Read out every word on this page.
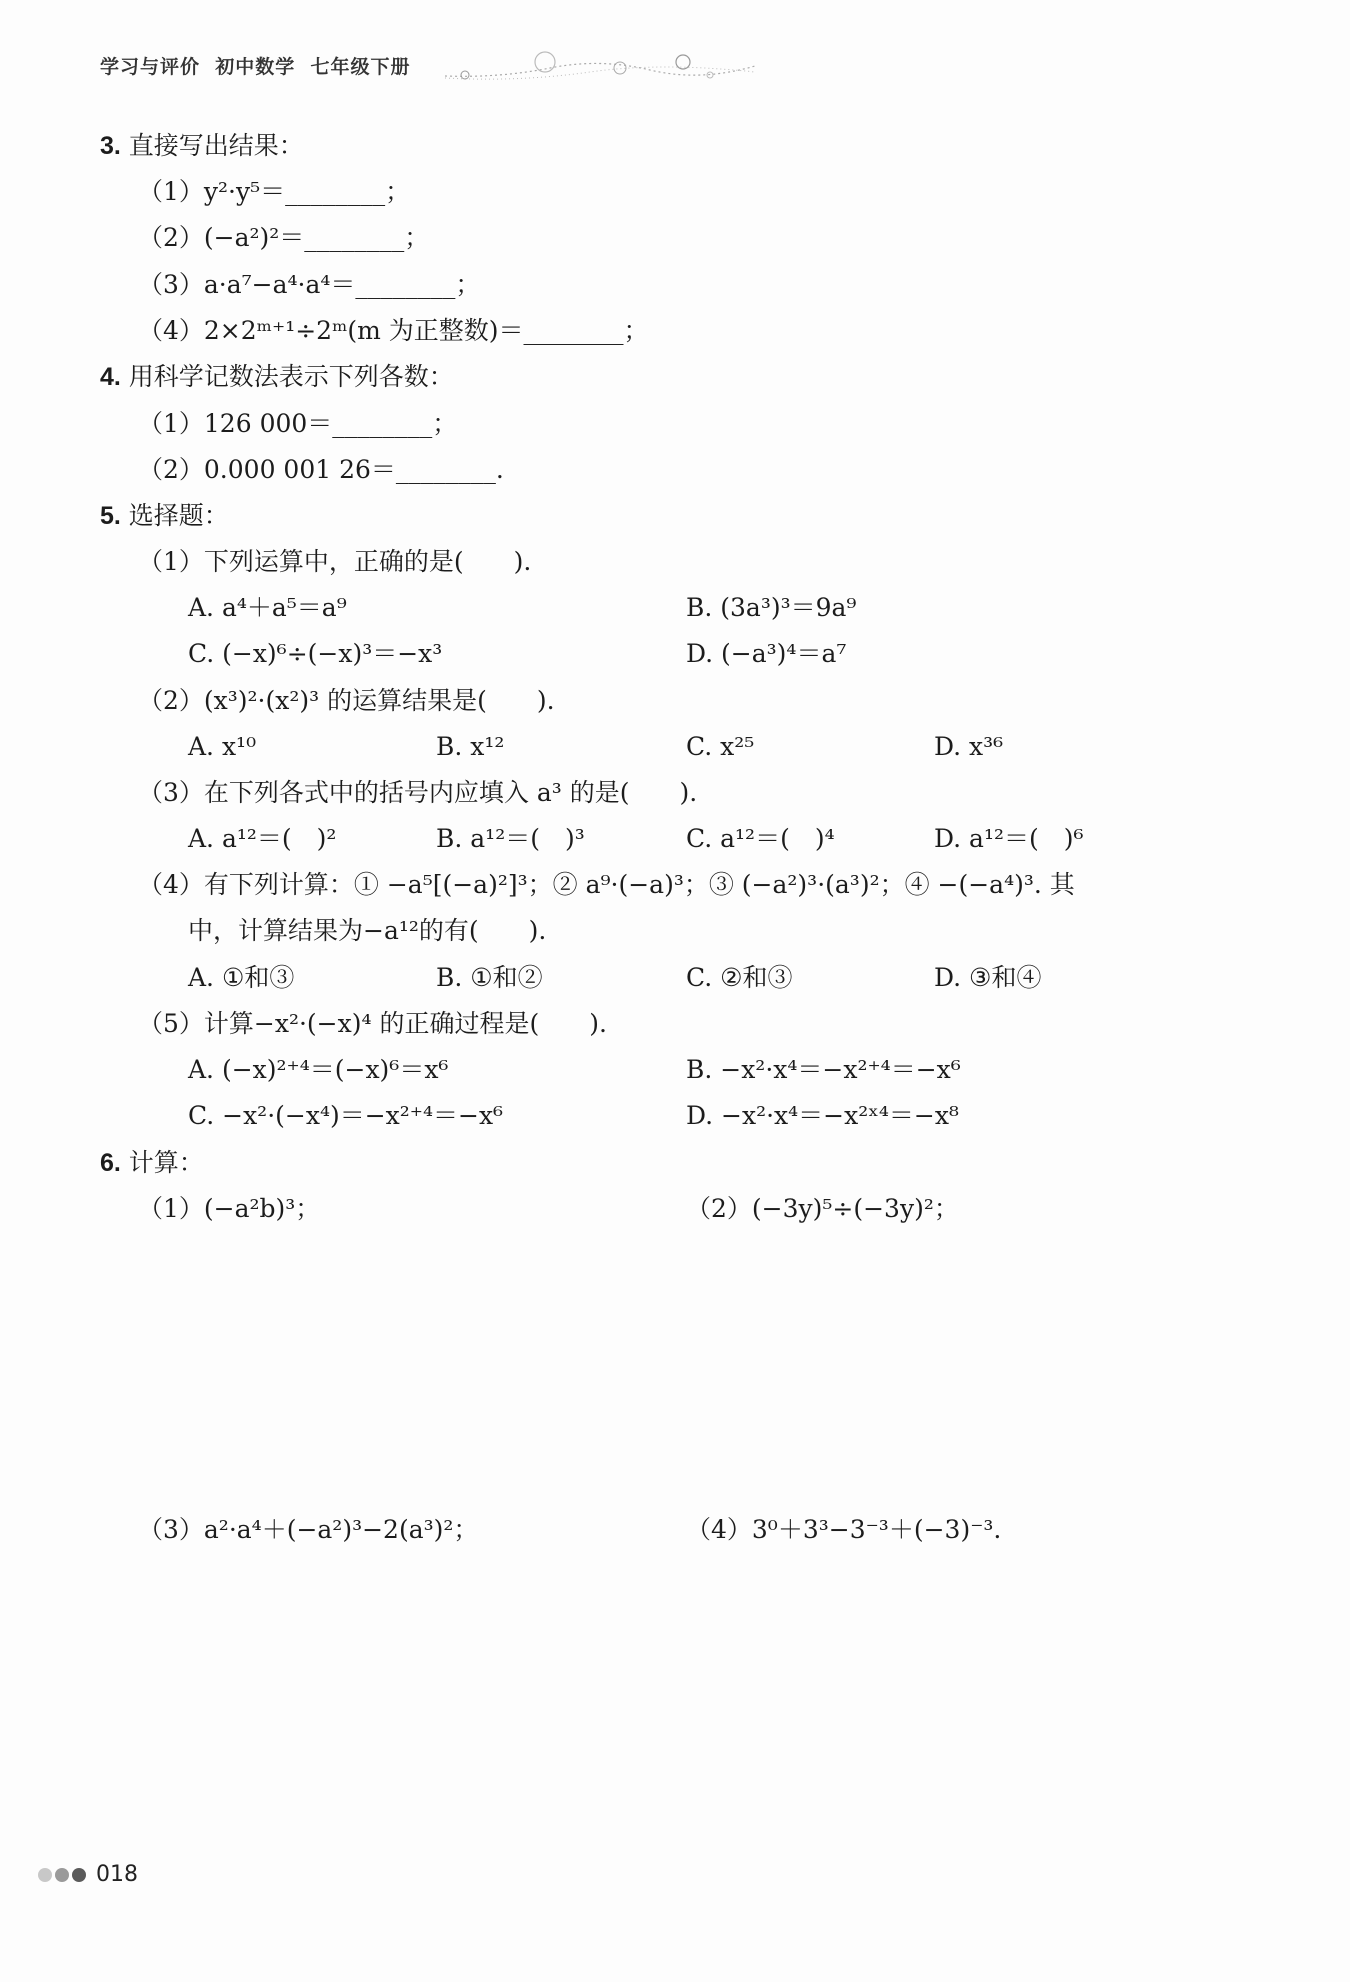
学习与评价  初中数学  七年级下册
3. 直接写出结果：
（1）y²·y⁵＝________；
（2）(−a²)²＝________；
（3）a·a⁷−a⁴·a⁴＝________；
（4）2×2ᵐ⁺¹÷2ᵐ(m 为正整数)＝________；
4. 用科学记数法表示下列各数：
（1）126 000＝________；
（2）0.000 001 26＝________.
5. 选择题：
（1）下列运算中，正确的是(　　).
A. a⁴＋a⁵＝a⁹	B. (3a³)³＝9a⁹
C. (−x)⁶÷(−x)³＝−x³	D. (−a³)⁴＝a⁷
（2）(x³)²·(x²)³ 的运算结果是(　　).
A. x¹⁰	B. x¹²	C. x²⁵	D. x³⁶
（3）在下列各式中的括号内应填入 a³ 的是(　　).
A. a¹²＝(　)²	B. a¹²＝(　)³	C. a¹²＝(　)⁴	D. a¹²＝(　)⁶
（4）有下列计算：① −a⁵[(−a)²]³；② a⁹·(−a)³；③ (−a²)³·(a³)²；④ −(−a⁴)³. 其
中，计算结果为−a¹²的有(　　).
A. ①和③	B. ①和②	C. ②和③	D. ③和④
（5）计算−x²·(−x)⁴ 的正确过程是(　　).
A. (−x)²⁺⁴＝(−x)⁶＝x⁶	B. −x²·x⁴＝−x²⁺⁴＝−x⁶
C. −x²·(−x⁴)＝−x²⁺⁴＝−x⁶	D. −x²·x⁴＝−x²ˣ⁴＝−x⁸
6. 计算：
（1）(−a²b)³；	（2）(−3y)⁵÷(−3y)²；
（3）a²·a⁴＋(−a²)³−2(a³)²；	（4）3⁰＋3³−3⁻³＋(−3)⁻³.
018
